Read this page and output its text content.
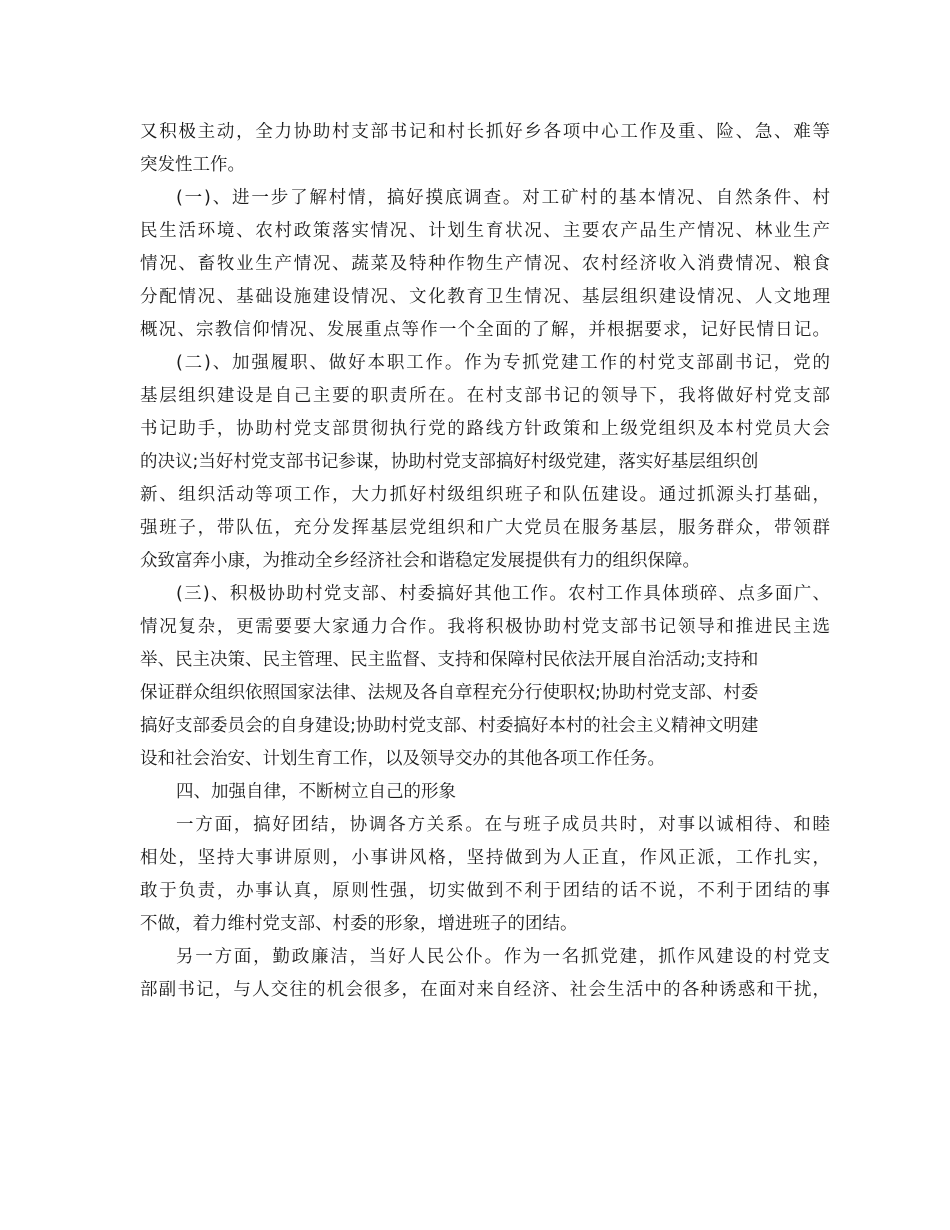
又积极主动，全力协助村支部书记和村长抓好乡各项中心工作及重、险、急、难等

突发性工作。

(一)、进一步了解村情，搞好摸底调查。对工矿村的基本情况、自然条件、村

民生活环境、农村政策落实情况、计划生育状况、主要农产品生产情况、林业生产

情况、畜牧业生产情况、蔬菜及特种作物生产情况、农村经济收入消费情况、粮食

分配情况、基础设施建设情况、文化教育卫生情况、基层组织建设情况、人文地理

概况、宗教信仰情况、发展重点等作一个全面的了解，并根据要求，记好民情日记。

(二)、加强履职、做好本职工作。作为专抓党建工作的村党支部副书记，党的

基层组织建设是自己主要的职责所在。在村支部书记的领导下，我将做好村党支部

书记助手，协助村党支部贯彻执行党的路线方针政策和上级党组织及本村党员大会

的决议;当好村党支部书记参谋，协助村党支部搞好村级党建，落实好基层组织创

新、组织活动等项工作，大力抓好村级组织班子和队伍建设。通过抓源头打基础，

强班子，带队伍，充分发挥基层党组织和广大党员在服务基层，服务群众，带领群

众致富奔小康，为推动全乡经济社会和谐稳定发展提供有力的组织保障。

(三)、积极协助村党支部、村委搞好其他工作。农村工作具体琐碎、点多面广、

情况复杂，更需要要大家通力合作。我将积极协助村党支部书记领导和推进民主选

举、民主决策、民主管理、民主监督、支持和保障村民依法开展自治活动;支持和

保证群众组织依照国家法律、法规及各自章程充分行使职权;协助村党支部、村委

搞好支部委员会的自身建设;协助村党支部、村委搞好本村的社会主义精神文明建

设和社会治安、计划生育工作，以及领导交办的其他各项工作任务。

四、加强自律，不断树立自己的形象

一方面，搞好团结，协调各方关系。在与班子成员共时，对事以诚相待、和睦

相处，坚持大事讲原则，小事讲风格，坚持做到为人正直，作风正派，工作扎实，

敢于负责，办事认真，原则性强，切实做到不利于团结的话不说，不利于团结的事

不做，着力维村党支部、村委的形象，增进班子的团结。

另一方面，勤政廉洁，当好人民公仆。作为一名抓党建，抓作风建设的村党支

部副书记，与人交往的机会很多，在面对来自经济、社会生活中的各种诱惑和干扰，
